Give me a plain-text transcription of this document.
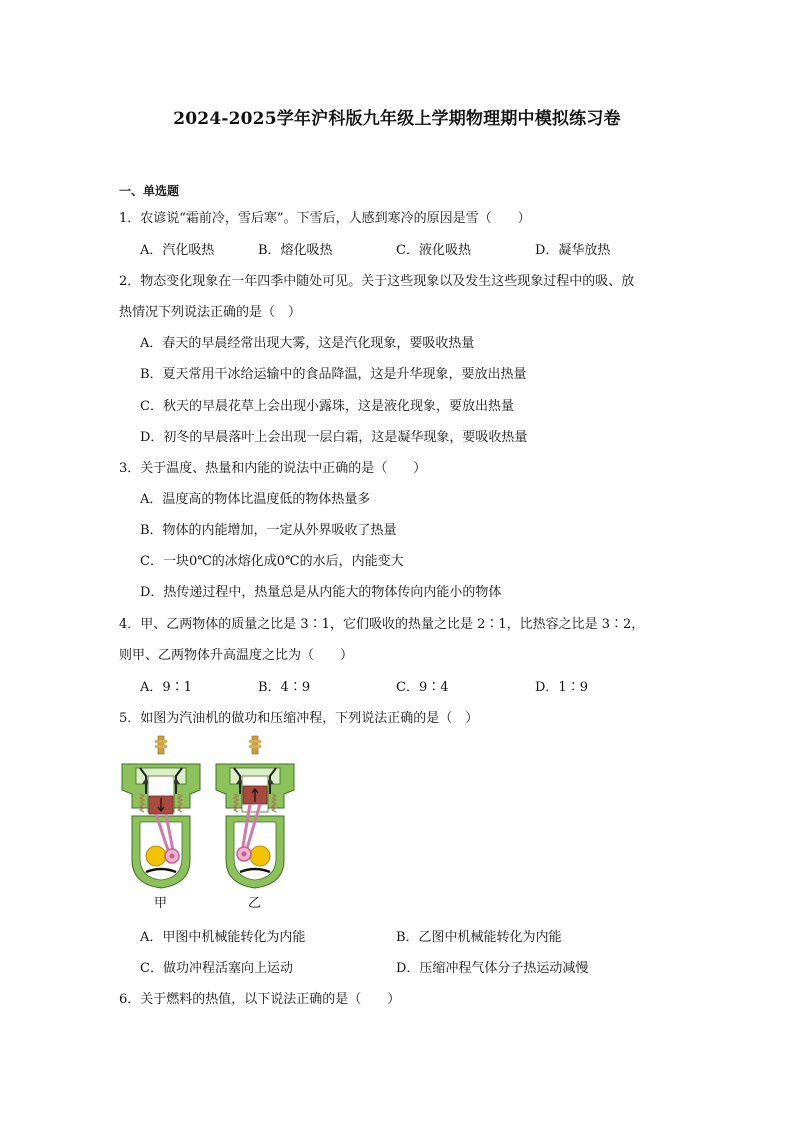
2024-2025学年沪科版九年级上学期物理期中模拟练习卷
一、单选题
1．农谚说“霜前冷，雪后寒”。下雪后，人感到寒冷的原因是雪（　　）
A．汽化吸热	B．熔化吸热	C．液化吸热	D．凝华放热
2．物态变化现象在一年四季中随处可见。关于这些现象以及发生这些现象过程中的吸、放
热情况下列说法正确的是（　）
A．春天的早晨经常出现大雾，这是汽化现象，要吸收热量
B．夏天常用干冰给运输中的食品降温，这是升华现象，要放出热量
C．秋天的早晨花草上会出现小露珠，这是液化现象，要放出热量
D．初冬的早晨落叶上会出现一层白霜，这是凝华现象，要吸收热量
3．关于温度、热量和内能的说法中正确的是（　　）
A．温度高的物体比温度低的物体热量多
B．物体的内能增加，一定从外界吸收了热量
C．一块0℃的冰熔化成0℃的水后，内能变大
D．热传递过程中，热量总是从内能大的物体传向内能小的物体
4．甲、乙两物体的质量之比是 3∶1，它们吸收的热量之比是 2∶1，比热容之比是 3∶2，
则甲、乙两物体升高温度之比为（　　）
A．9∶1	B．4∶9	C．9∶4	D．1∶9
5．如图为汽油机的做功和压缩冲程，下列说法正确的是（　）
甲	乙
A．甲图中机械能转化为内能	B．乙图中机械能转化为内能
C．做功冲程活塞向上运动	D．压缩冲程气体分子热运动减慢
6．关于燃料的热值，以下说法正确的是（　　）
